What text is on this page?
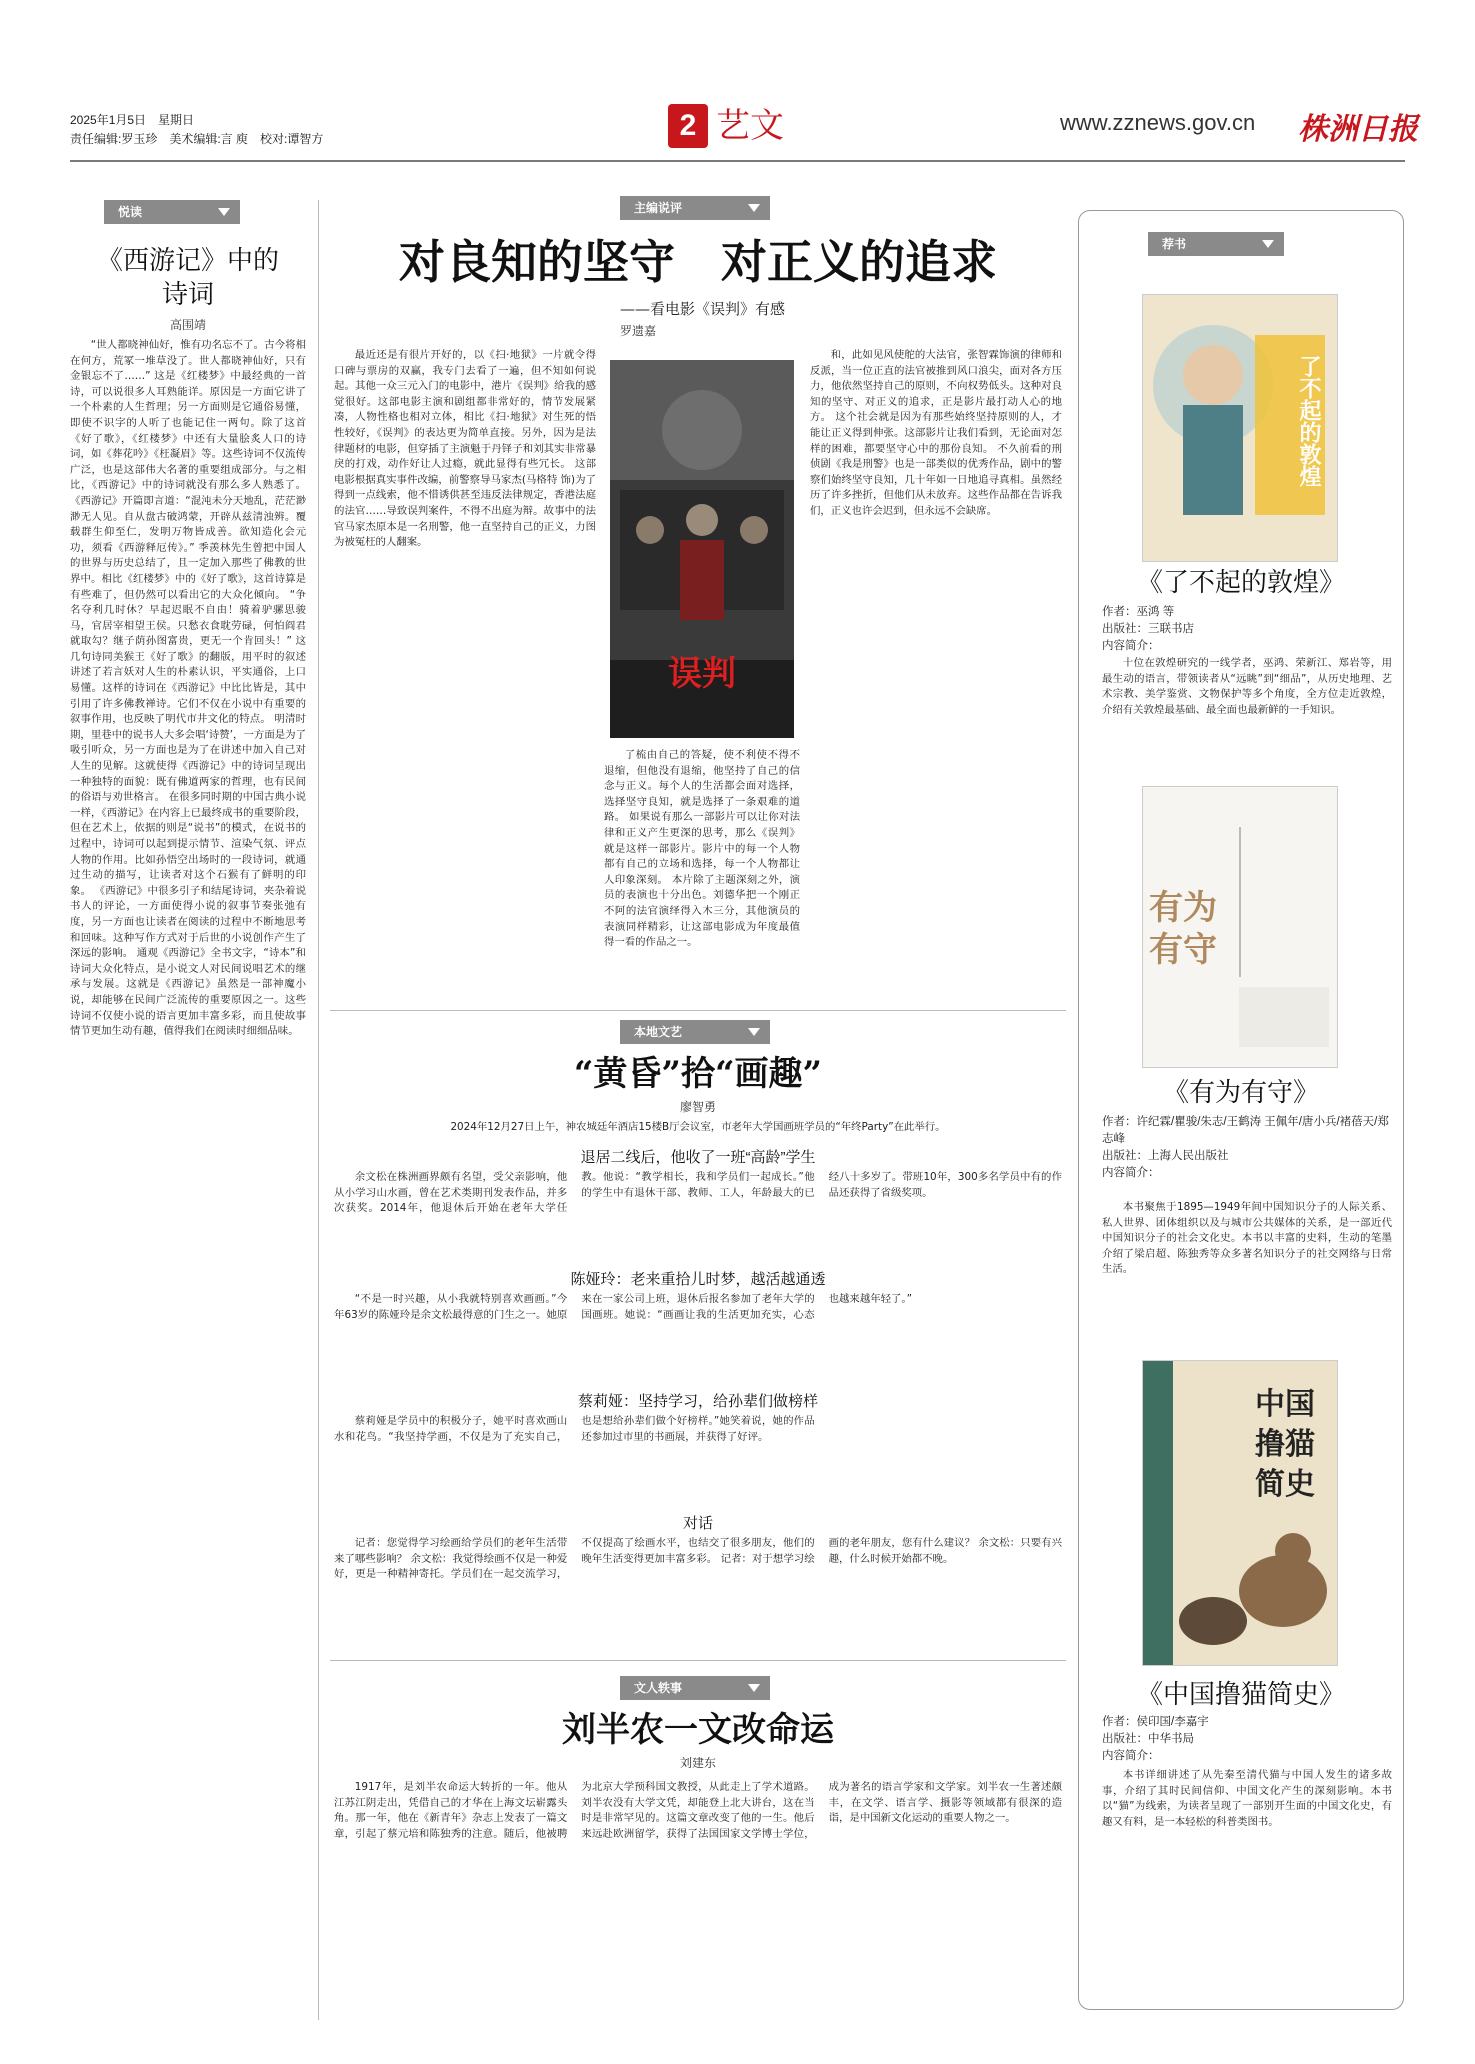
2025年1月5日　星期日
责任编辑:罗玉珍　美术编辑:言 庾　校对:谭智方	2 艺文	www.zznews.gov.cn 株洲日报
悦读
《西游记》中的
诗词
高围靖
“世人都晓神仙好，惟有功名忘不了。古今将相在何方，荒冢一堆草没了。世人都晓神仙好，只有金银忘不了……” 这是《红楼梦》中最经典的一首诗，可以说很多人耳熟能详。原因是一方面它讲了一个朴素的人生哲理；另一方面则是它通俗易懂，即使不识字的人听了也能记住一两句。除了这首《好了歌》，《红楼梦》中还有大量脍炙人口的诗词，如《葬花吟》《枉凝眉》等。这些诗词不仅流传广泛，也是这部伟大名著的重要组成部分。与之相比，《西游记》中的诗词就没有那么多人熟悉了。 《西游记》开篇即言道：“混沌未分天地乱，茫茫渺渺无人见。自从盘古破鸿蒙，开辟从兹清浊辨。覆载群生仰至仁，发明万物皆成善。欲知造化会元功，须看《西游释厄传》。” 季羡林先生曾把中国人的世界与历史总结了，且一定加入那些了佛教的世界中。相比《红楼梦》中的《好了歌》，这首诗算是有些难了，但仍然可以看出它的大众化倾向。 “争名夺利几时休？早起迟眠不自由！骑着驴骡思骏马，官居宰相望王侯。只愁衣食耽劳碌，何怕阎君就取勾？继子荫孙图富贵，更无一个肯回头！” 这几句诗同美猴王《好了歌》的翻版，用平时的叙述讲述了若言妖对人生的朴素认识，平实通俗，上口易懂。这样的诗词在《西游记》中比比皆是，其中引用了许多佛教禅诗。它们不仅在小说中有重要的叙事作用，也反映了明代市井文化的特点。 明清时期，里巷中的说书人大多会唱‘诗赞’，一方面是为了吸引听众，另一方面也是为了在讲述中加入自己对人生的见解。这就使得《西游记》中的诗词呈现出一种独特的面貌：既有佛道两家的哲理，也有民间的俗语与劝世格言。 在很多同时期的中国古典小说一样，《西游记》在内容上已最终成书的重要阶段，但在艺术上，依据的则是“说书”的模式，在说书的过程中，诗词可以起到提示情节、渲染气氛、评点人物的作用。比如孙悟空出场时的一段诗词，就通过生动的描写，让读者对这个石猴有了鲜明的印象。 《西游记》中很多引子和结尾诗词，夹杂着说书人的评论，一方面使得小说的叙事节奏张弛有度，另一方面也让读者在阅读的过程中不断地思考和回味。这种写作方式对于后世的小说创作产生了深远的影响。 通观《西游记》全书文字，“诗本”和诗词大众化特点，是小说文人对民间说唱艺术的继承与发展。这就是《西游记》虽然是一部神魔小说，却能够在民间广泛流传的重要原因之一。这些诗词不仅使小说的语言更加丰富多彩，而且使故事情节更加生动有趣，值得我们在阅读时细细品味。
主编说评
对良知的坚守　对正义的追求
——看电影《误判》有感
罗遗嘉
最近还是有很片开好的，以《扫·地狱》一片就令得口碑与票房的双赢，我专门去看了一遍，但不知如何说起。其他一众三元入门的电影中，港片《误判》给我的感觉很好。这部电影主演和剧组都非常好的，情节发展紧凑，人物性格也相对立体，相比《扫·地狱》对生死的悟性较好，《误判》的表达更为简单直接。另外，因为是法律题材的电影，但穿插了主演魁于丹铎子和刘其实非常暴戾的打戏，动作好让人过瘾，就此显得有些冗长。 这部电影根据真实事件改编，前警察导马家杰(马格特 饰)为了得到一点线索，他不惜诱供甚至违反法律规定，香港法庭的法官……导致误判案件，不得不出庭为辩。故事中的法官马家杰原本是一名刑警，他一直坚持自己的正义，力图为被冤枉的人翻案。
误判
了梳由自己的答疑，使不利使不得不退缩，但他没有退缩，他坚持了自己的信念与正义。每个人的生活都会面对选择，选择坚守良知，就是选择了一条艰难的道路。 如果说有那么一部影片可以让你对法律和正义产生更深的思考，那么《误判》就是这样一部影片。影片中的每一个人物都有自己的立场和选择，每一个人物都让人印象深刻。 本片除了主题深刻之外，演员的表演也十分出色。刘德华把一个刚正不阿的法官演绎得入木三分，其他演员的表演同样精彩，让这部电影成为年度最值得一看的作品之一。
和，此如见风使舵的大法官，张智霖饰演的律师和反派，当一位正直的法官被推到风口浪尖，面对各方压力，他依然坚持自己的原则，不向权势低头。这种对良知的坚守、对正义的追求，正是影片最打动人心的地方。 这个社会就是因为有那些始终坚持原则的人，才能让正义得到伸张。这部影片让我们看到，无论面对怎样的困难，都要坚守心中的那份良知。 不久前看的刑侦剧《我是刑警》也是一部类似的优秀作品，剧中的警察们始终坚守良知，几十年如一日地追寻真相。虽然经历了许多挫折，但他们从未放弃。这些作品都在告诉我们，正义也许会迟到，但永远不会缺席。
本地文艺
“黄昏”拾“画趣”
廖智勇
2024年12月27日上午，神农城廷年酒店15楼B厅会议室，市老年大学国画班学员的“年终Party”在此举行。
退居二线后，他收了一班“高龄”学生
余文松在株洲画界颇有名望，受父亲影响，他从小学习山水画，曾在艺术类期刊发表作品，并多次获奖。2014年，他退休后开始在老年大学任教。他说：“教学相长，我和学员们一起成长。”他的学生中有退休干部、教师、工人，年龄最大的已经八十多岁了。带班10年，300多名学员中有的作品还获得了省级奖项。
陈娅玲：老来重拾儿时梦，越活越通透
“不是一时兴趣，从小我就特别喜欢画画。”今年63岁的陈娅玲是余文松最得意的门生之一。她原来在一家公司上班，退休后报名参加了老年大学的国画班。她说：“画画让我的生活更加充实，心态也越来越年轻了。”
蔡莉娅：坚持学习，给孙辈们做榜样
蔡莉娅是学员中的积极分子，她平时喜欢画山水和花鸟。“我坚持学画，不仅是为了充实自己，也是想给孙辈们做个好榜样。”她笑着说，她的作品还参加过市里的书画展，并获得了好评。
对话
记者：您觉得学习绘画给学员们的老年生活带来了哪些影响？ 余文松：我觉得绘画不仅是一种爱好，更是一种精神寄托。学员们在一起交流学习，不仅提高了绘画水平，也结交了很多朋友，他们的晚年生活变得更加丰富多彩。 记者：对于想学习绘画的老年朋友，您有什么建议？ 余文松：只要有兴趣，什么时候开始都不晚。
文人轶事
刘半农一文改命运
刘建东
1917年，是刘半农命运大转折的一年。他从江苏江阴走出，凭借自己的才华在上海文坛崭露头角。那一年，他在《新青年》杂志上发表了一篇文章，引起了蔡元培和陈独秀的注意。随后，他被聘为北京大学预科国文教授，从此走上了学术道路。刘半农没有大学文凭，却能登上北大讲台，这在当时是非常罕见的。这篇文章改变了他的一生。他后来远赴欧洲留学，获得了法国国家文学博士学位，成为著名的语言学家和文学家。刘半农一生著述颇丰，在文学、语言学、摄影等领域都有很深的造诣，是中国新文化运动的重要人物之一。
荐书
了不起的敦煌
《了不起的敦煌》
作者：巫鸿 等
出版社：三联书店
内容简介：
十位在敦煌研究的一线学者，巫鸿、荣新江、郑岩等，用最生动的语言，带领读者从“远眺”到“细品”，从历史地理、艺术宗教、美学鉴赏、文物保护等多个角度，全方位走近敦煌，介绍有关敦煌最基础、最全面也最新鲜的一手知识。
有为有守
《有为有守》
作者：许纪霖/瞿骏/朱志/王鹤涛 王佩年/唐小兵/褚蓓天/郑志峰
出版社：上海人民出版社
内容简介：
本书聚焦于1895—1949年间中国知识分子的人际关系、私人世界、团体组织以及与城市公共媒体的关系，是一部近代中国知识分子的社会文化史。本书以丰富的史料，生动的笔墨介绍了梁启超、陈独秀等众多著名知识分子的社交网络与日常生活。
中国撸猫简史
《中国撸猫简史》
作者：侯印国/李嘉宇
出版社：中华书局
内容简介：
本书详细讲述了从先秦至清代猫与中国人发生的诸多故事，介绍了其时民间信仰、中国文化产生的深刻影响。本书以“猫”为线索，为读者呈现了一部别开生面的中国文化史，有趣又有料，是一本轻松的科普类图书。
